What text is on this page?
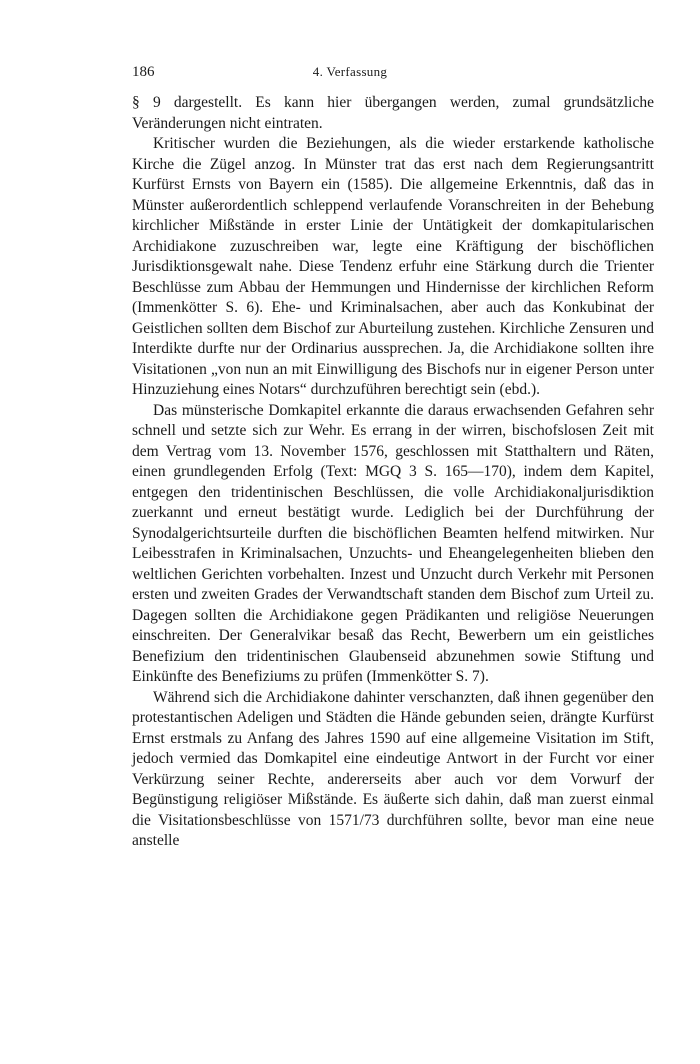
186	4. Verfassung

§ 9 dargestellt. Es kann hier übergangen werden, zumal grundsätzliche Veränderungen nicht eintraten.

Kritischer wurden die Beziehungen, als die wieder erstarkende katholische Kirche die Zügel anzog. In Münster trat das erst nach dem Regierungsantritt Kurfürst Ernsts von Bayern ein (1585). Die allgemeine Erkenntnis, daß das in Münster außerordentlich schleppend verlaufende Voranschreiten in der Behebung kirchlicher Mißstände in erster Linie der Untätigkeit der domkapitularischen Archidiakone zuzuschreiben war, legte eine Kräftigung der bischöflichen Jurisdiktionsgewalt nahe. Diese Tendenz erfuhr eine Stärkung durch die Trienter Beschlüsse zum Abbau der Hemmungen und Hindernisse der kirchlichen Reform (Immenkötter S. 6). Ehe- und Kriminalsachen, aber auch das Konkubinat der Geistlichen sollten dem Bischof zur Aburteilung zustehen. Kirchliche Zensuren und Interdikte durfte nur der Ordinarius aussprechen. Ja, die Archidiakone sollten ihre Visitationen „von nun an mit Einwilligung des Bischofs nur in eigener Person unter Hinzuziehung eines Notars“ durchzuführen berechtigt sein (ebd.).

Das münsterische Domkapitel erkannte die daraus erwachsenden Gefahren sehr schnell und setzte sich zur Wehr. Es errang in der wirren, bischofslosen Zeit mit dem Vertrag vom 13. November 1576, geschlossen mit Statthaltern und Räten, einen grundlegenden Erfolg (Text: MGQ 3 S. 165—170), indem dem Kapitel, entgegen den tridentinischen Beschlüssen, die volle Archidiakonaljurisdiktion zuerkannt und erneut bestätigt wurde. Lediglich bei der Durchführung der Synodalgerichtsurteile durften die bischöflichen Beamten helfend mitwirken. Nur Leibesstrafen in Kriminalsachen, Unzuchts- und Eheangelegenheiten blieben den weltlichen Gerichten vorbehalten. Inzest und Unzucht durch Verkehr mit Personen ersten und zweiten Grades der Verwandtschaft standen dem Bischof zum Urteil zu. Dagegen sollten die Archidiakone gegen Prädikanten und religiöse Neuerungen einschreiten. Der Generalvikar besaß das Recht, Bewerbern um ein geistliches Benefizium den tridentinischen Glaubenseid abzunehmen sowie Stiftung und Einkünfte des Benefiziums zu prüfen (Immenkötter S. 7).

Während sich die Archidiakone dahinter verschanzten, daß ihnen gegenüber den protestantischen Adeligen und Städten die Hände gebunden seien, drängte Kurfürst Ernst erstmals zu Anfang des Jahres 1590 auf eine allgemeine Visitation im Stift, jedoch vermied das Domkapitel eine eindeutige Antwort in der Furcht vor einer Verkürzung seiner Rechte, andererseits aber auch vor dem Vorwurf der Begünstigung religiöser Mißstände. Es äußerte sich dahin, daß man zuerst einmal die Visitationsbeschlüsse von 1571/73 durchführen sollte, bevor man eine neue anstelle
